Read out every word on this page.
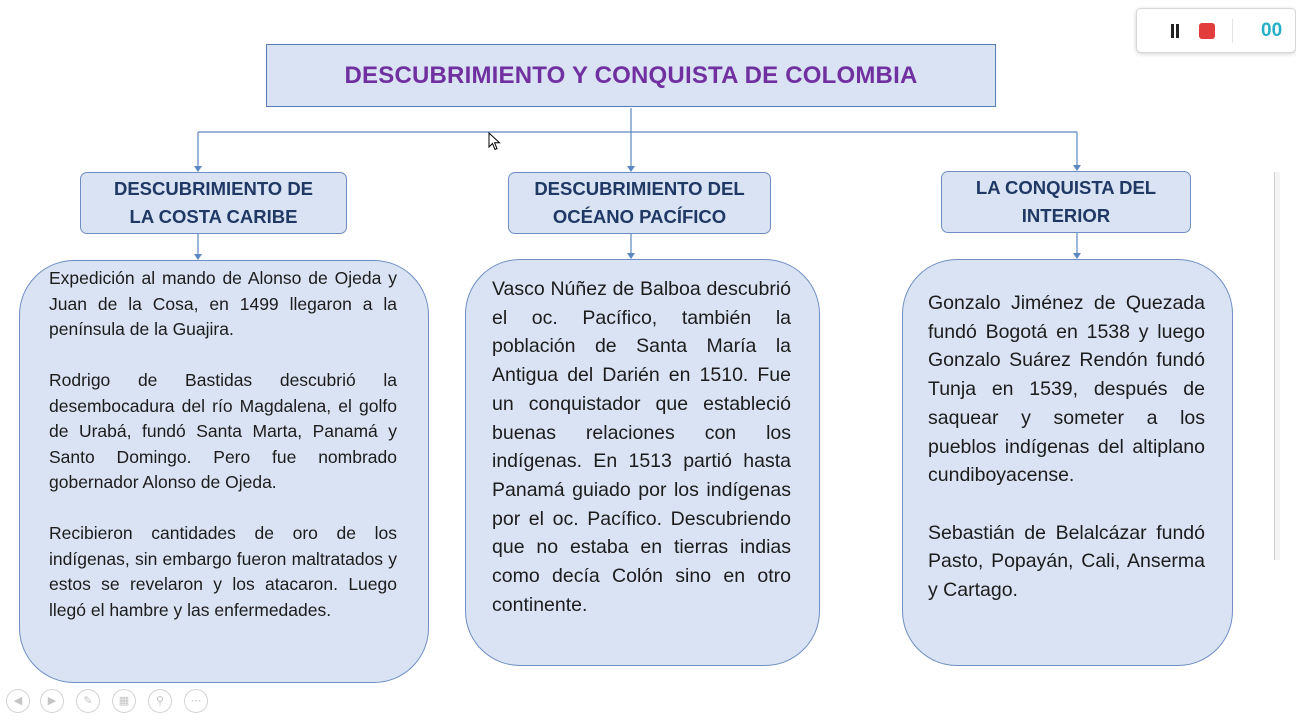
DESCUBRIMIENTO Y CONQUISTA DE COLOMBIA
DESCUBRIMIENTO DE
LA COSTA CARIBE

Expedición al mando de Alonso de Ojeda y Juan de la Cosa, en 1499 llegaron a la península de la Guajira.

Rodrigo de Bastidas descubrió la desembocadura del río Magdalena, el golfo de Urabá, fundó Santa Marta, Panamá y Santo Domingo. Pero fue nombrado gobernador Alonso de Ojeda.

Recibieron cantidades de oro de los indígenas, sin embargo fueron maltratados y estos se revelaron y los atacaron. Luego llegó el hambre y las enfermedades.

DESCUBRIMIENTO DEL
OCÉANO PACÍFICO

Vasco Núñez de Balboa descubrió el oc. Pacífico, también la población de Santa María la Antigua del Darién en 1510. Fue un conquistador que estableció buenas relaciones con los indígenas. En 1513 partió hasta Panamá guiado por los indígenas por el oc. Pacífico. Descubriendo que no estaba en tierras indias como decía Colón sino en otro continente.

LA CONQUISTA DEL
INTERIOR

Gonzalo Jiménez de Quezada fundó Bogotá en 1538 y luego Gonzalo Suárez Rendón fundó Tunja en 1539, después de saquear y someter a los pueblos indígenas del altiplano cundiboyacense.

Sebastián de Belalcázar fundó Pasto, Popayán, Cali, Anserma y Cartago.

00
◀	▶	✎	▦	⚲	⋯
